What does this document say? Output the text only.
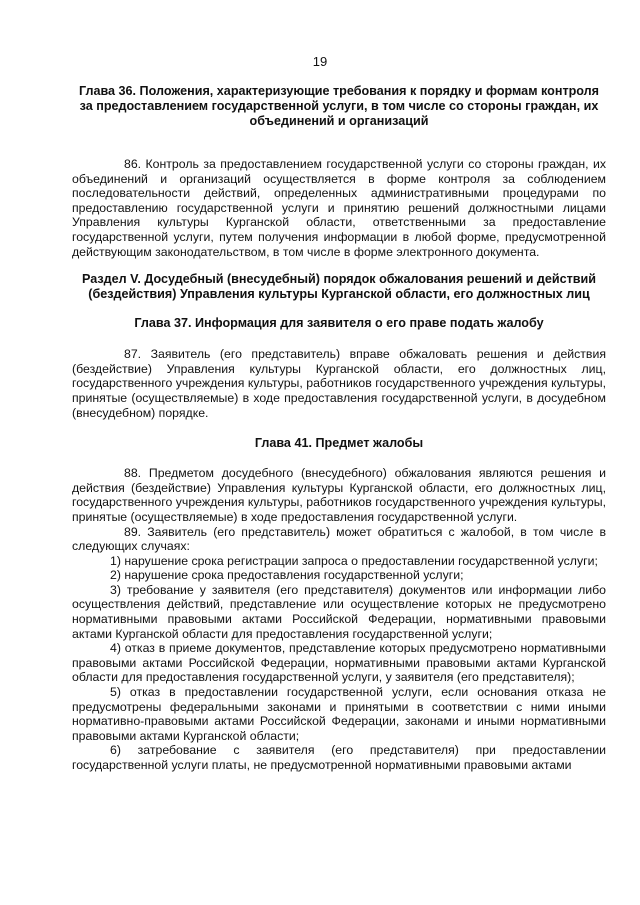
19
Глава 36. Положения, характеризующие требования к порядку и формам контроля за предоставлением государственной услуги, в том числе со стороны граждан, их объединений и организаций

86. Контроль за предоставлением государственной услуги со стороны граждан, их объединений и организаций осуществляется в форме контроля за соблюдением последовательности действий, определенных административными процедурами по предоставлению государственной услуги и принятию решений должностными лицами Управления культуры Курганской области, ответственными за предоставление государственной услуги, путем получения информации в любой форме, предусмотренной действующим законодательством, в том числе в форме электронного документа.

Раздел V. Досудебный (внесудебный) порядок обжалования решений и действий (бездействия) Управления культуры Курганской области, его должностных лиц
Глава 37. Информация для заявителя о его праве подать жалобу

87. Заявитель (его представитель) вправе обжаловать решения и действия (бездействие) Управления культуры Курганской области, его должностных лиц, государственного учреждения культуры, работников государственного учреждения культуры, принятые (осуществляемые) в ходе предоставления государственной услуги, в досудебном (внесудебном) порядке.

Глава 41. Предмет жалобы

88. Предметом досудебного (внесудебного) обжалования являются решения и действия (бездействие) Управления культуры Курганской области, его должностных лиц, государственного учреждения культуры, работников государственного учреждения культуры, принятые (осуществляемые) в ходе предоставления государственной услуги.

89. Заявитель (его представитель) может обратиться с жалобой, в том числе в следующих случаях:

1) нарушение срока регистрации запроса о предоставлении государственной услуги;

2) нарушение срока предоставления государственной услуги;

3) требование у заявителя (его представителя) документов или информации либо осуществления действий, представление или осуществление которых не предусмотрено нормативными правовыми актами Российской Федерации, нормативными правовыми актами Курганской области для предоставления государственной услуги;

4) отказ в приеме документов, представление которых предусмотрено нормативными правовыми актами Российской Федерации, нормативными правовыми актами Курганской области для предоставления государственной услуги, у заявителя (его представителя);

5) отказ в предоставлении государственной услуги, если основания отказа не предусмотрены федеральными законами и принятыми в соответствии с ними иными нормативно-правовыми актами Российской Федерации, законами и иными нормативными правовыми актами Курганской области;

6) затребование с заявителя (его представителя) при предоставлении государственной услуги платы, не предусмотренной нормативными правовыми актами
